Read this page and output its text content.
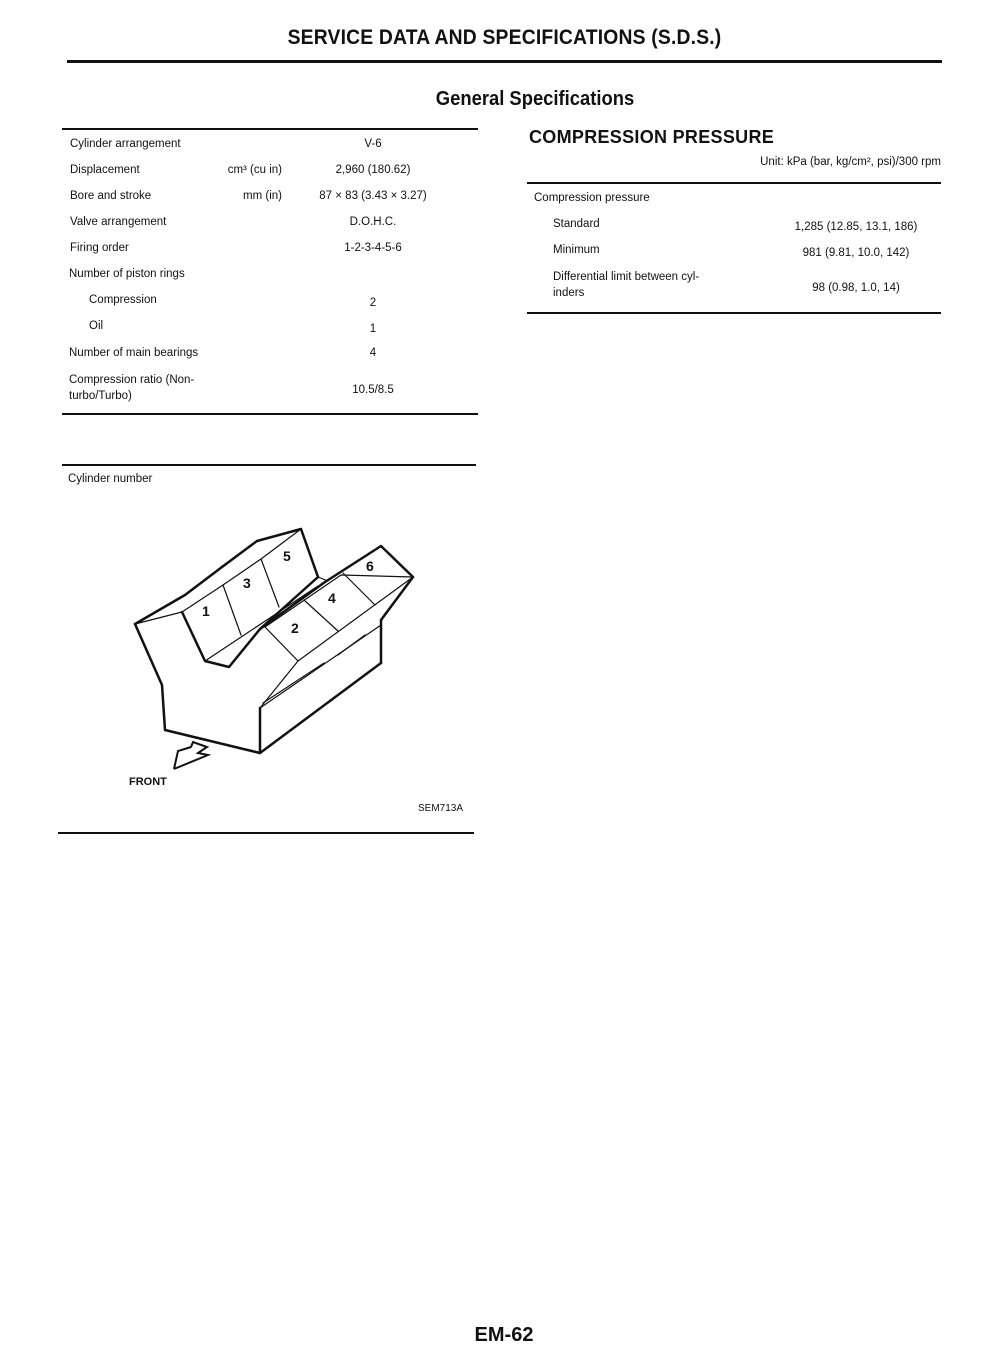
SERVICE DATA AND SPECIFICATIONS (S.D.S.)
General Specifications
Cylinder arrangement	V-6
Displacement	cm³ (cu in)	2,960 (180.62)
Bore and stroke	mm (in)	87 × 83 (3.43 × 3.27)
Valve arrangement	D.O.H.C.
Firing order	1-2-3-4-5-6
Number of piston rings
Compression	2
Oil	1
Number of main bearings	4
Compression ratio (Non-
turbo/Turbo)	10.5/8.5
COMPRESSION PRESSURE
Unit: kPa (bar, kg/cm², psi)/300 rpm
Compression pressure
Standard	1,285 (12.85, 13.1, 186)
Minimum	981 (9.81, 10.0, 142)
Differential limit between cyl-
inders	98 (0.98, 1.0, 14)
Cylinder number
1
2
3
4
5
6
FRONT
SEM713A
EM-62
